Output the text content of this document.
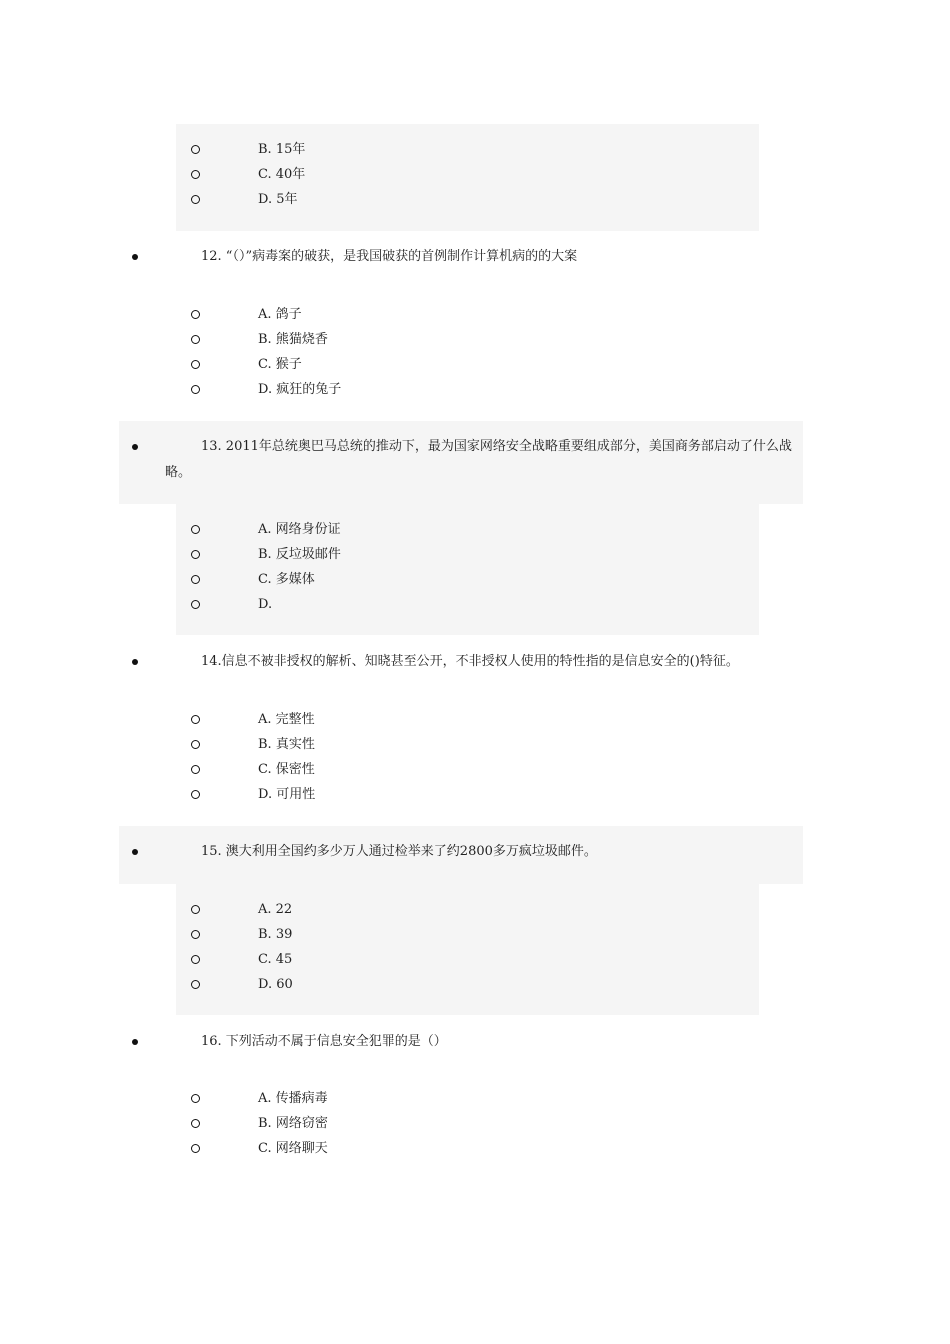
B. 15年
C. 40年
D. 5年
12. “（）”病毒案的破获，是我国破获的首例制作计算机病的的大案
A. 鸽子
B. 熊猫烧香
C. 猴子
D. 疯狂的兔子
13. 2011年总统奥巴马总统的推动下，最为国家网络安全战略重要组成部分，美国商务部启动了什么战略。
A. 网络身份证
B. 反垃圾邮件
C. 多媒体
D.
14.信息不被非授权的解析、知晓甚至公开，不非授权人使用的特性指的是信息安全的()特征。
A. 完整性
B. 真实性
C. 保密性
D. 可用性
15. 澳大利用全国约多少万人通过检举来了约2800多万疯垃圾邮件。
A. 22
B. 39
C. 45
D. 60
16. 下列活动不属于信息安全犯罪的是（）
A. 传播病毒
B. 网络窃密
C. 网络聊天
